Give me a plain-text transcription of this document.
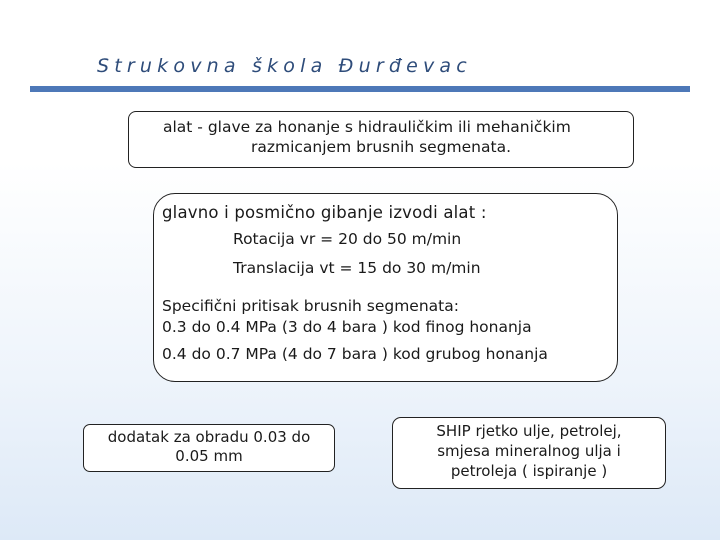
Strukovna škola Đurđevac
alat - glave za honanje s hidrauličkim ili mehaničkim
razmicanjem brusnih segmenata.
glavno i posmično gibanje izvodi alat :
Rotacija vr = 20 do 50 m/min
Translacija vt = 15 do 30 m/min
Specifični pritisak brusnih segmenata:
0.3 do 0.4 MPa (3 do 4 bara ) kod finog honanja
0.4 do 0.7 MPa (4 do 7 bara ) kod grubog honanja
dodatak za obradu 0.03 do
0.05 mm
SHIP rjetko ulje, petrolej,
smjesa mineralnog ulja i
petroleja ( ispiranje )
